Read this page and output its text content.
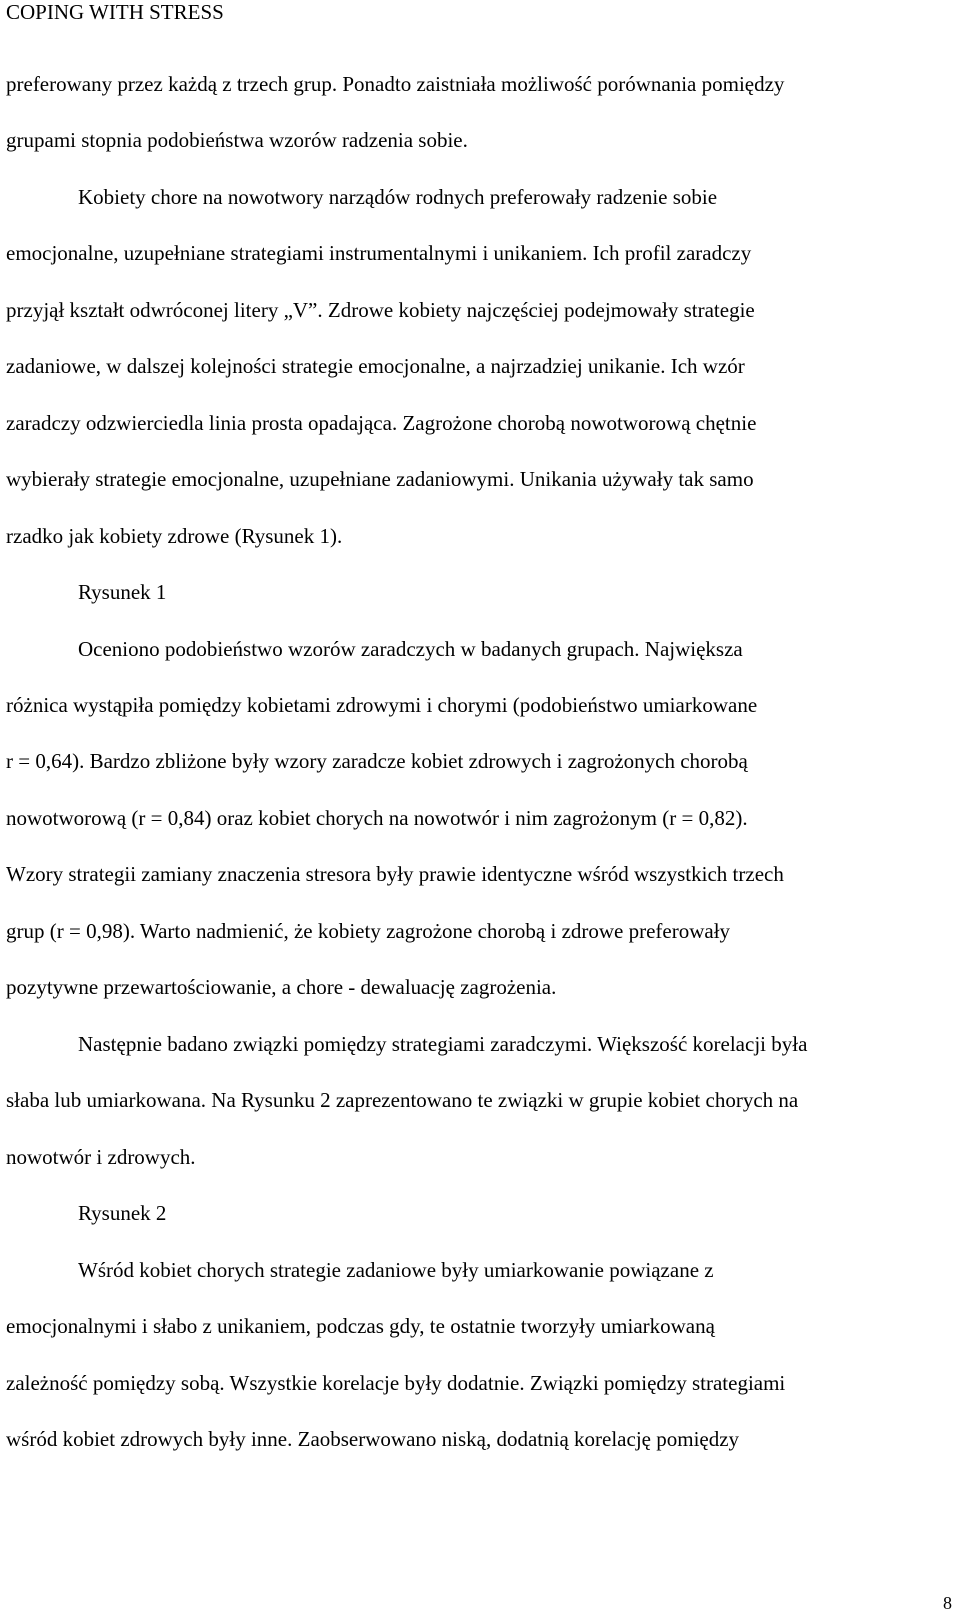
COPING WITH STRESS
preferowany przez każdą z trzech grup. Ponadto zaistniała możliwość porównania pomiędzy
grupami stopnia podobieństwa wzorów radzenia sobie.
Kobiety chore na nowotwory narządów rodnych preferowały radzenie sobie
emocjonalne, uzupełniane strategiami instrumentalnymi i unikaniem. Ich profil zaradczy
przyjął kształt odwróconej litery „V”. Zdrowe kobiety najczęściej podejmowały strategie
zadaniowe, w dalszej kolejności strategie emocjonalne, a najrzadziej unikanie. Ich wzór
zaradczy odzwierciedla linia prosta opadająca. Zagrożone chorobą nowotworową chętnie
wybierały strategie emocjonalne, uzupełniane zadaniowymi. Unikania używały tak samo
rzadko jak kobiety zdrowe (Rysunek 1).
Rysunek 1
Oceniono podobieństwo wzorów zaradczych w badanych grupach. Największa
różnica wystąpiła pomiędzy kobietami zdrowymi i chorymi (podobieństwo umiarkowane
r = 0,64). Bardzo zbliżone były wzory zaradcze kobiet zdrowych i zagrożonych chorobą
nowotworową (r = 0,84) oraz kobiet chorych na nowotwór i nim zagrożonym (r = 0,82).
Wzory strategii zamiany znaczenia stresora były prawie identyczne wśród wszystkich trzech
grup (r = 0,98). Warto nadmienić, że kobiety zagrożone chorobą i zdrowe preferowały
pozytywne przewartościowanie, a chore - dewaluację zagrożenia.
Następnie badano związki pomiędzy strategiami zaradczymi. Większość korelacji była
słaba lub umiarkowana. Na Rysunku 2 zaprezentowano te związki w grupie kobiet chorych na
nowotwór i zdrowych.
Rysunek 2
Wśród kobiet chorych strategie zadaniowe były umiarkowanie powiązane z
emocjonalnymi i słabo z unikaniem, podczas gdy, te ostatnie tworzyły umiarkowaną
zależność pomiędzy sobą. Wszystkie korelacje były dodatnie. Związki pomiędzy strategiami
wśród kobiet zdrowych były inne. Zaobserwowano niską, dodatnią korelację pomiędzy
8
